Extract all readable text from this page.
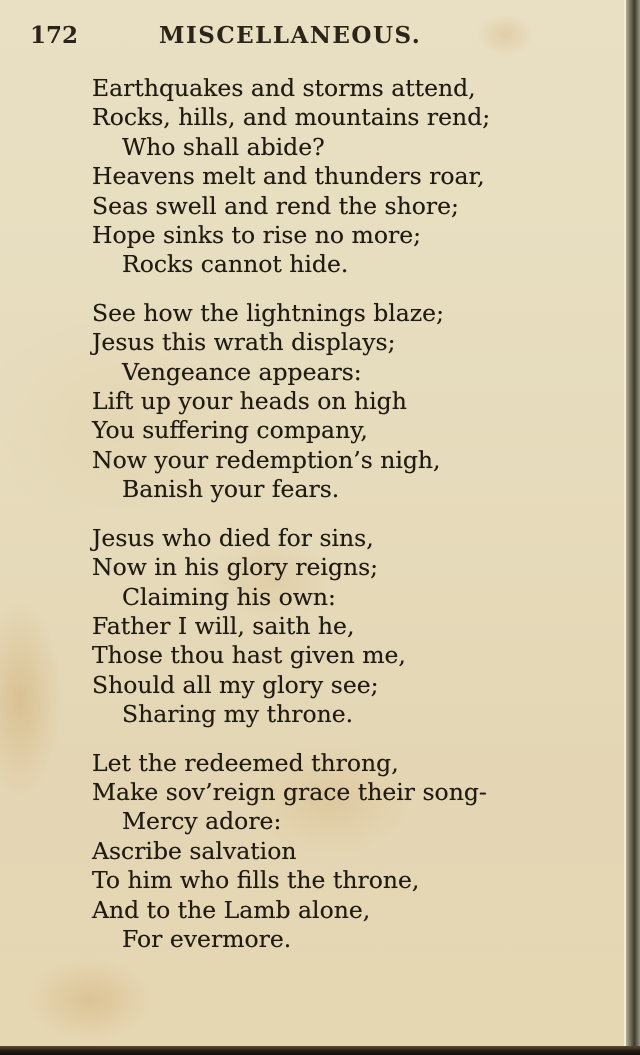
172	MISCELLANEOUS.
Earthquakes and storms attend,
Rocks, hills, and mountains rend;
Who shall abide?
Heavens melt and thunders roar,
Seas swell and rend the shore;
Hope sinks to rise no more;
Rocks cannot hide.
See how the lightnings blaze;
Jesus this wrath displays;
Vengeance appears:
Lift up your heads on high
You suffering company,
Now your redemption’s nigh,
Banish your fears.
Jesus who died for sins,
Now in his glory reigns;
Claiming his own:
Father I will, saith he,
Those thou hast given me,
Should all my glory see;
Sharing my throne.
Let the redeemed throng,
Make sov’reign grace their song-
Mercy adore:
Ascribe salvation
To him who fills the throne,
And to the Lamb alone,
For evermore.
